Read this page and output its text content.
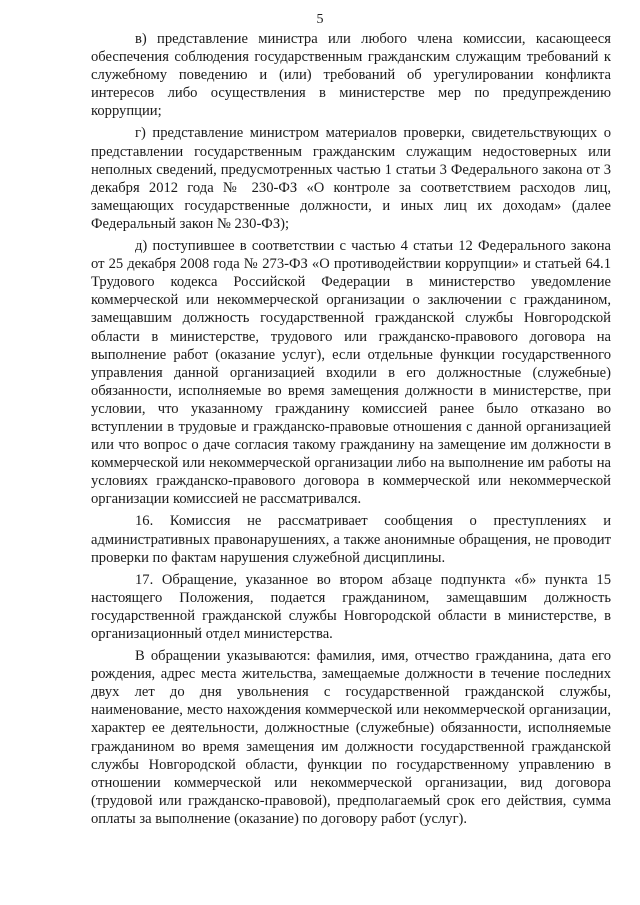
5

в) представление министра или любого члена комиссии, касающееся обеспечения соблюдения государственным гражданским служащим требований к служебному поведению и (или) требований об урегулировании конфликта интересов либо осуществления в министерстве мер по предупреждению коррупции;

г) представление министром материалов проверки, свидетельствующих о представлении государственным гражданским служащим недостоверных или неполных сведений, предусмотренных частью 1 статьи 3 Федерального закона от 3 декабря 2012 года № 230-ФЗ «О контроле за соответствием расходов лиц, замещающих государственные должности, и иных лиц их доходам» (далее Федеральный закон № 230-ФЗ);

д) поступившее в соответствии с частью 4 статьи 12 Федерального закона от 25 декабря 2008 года № 273-ФЗ «О противодействии коррупции» и статьей 64.1 Трудового кодекса Российской Федерации в министерство уведомление коммерческой или некоммерческой организации о заключении с гражданином, замещавшим должность государственной гражданской службы Новгородской области в министерстве, трудового или гражданско-правового договора на выполнение работ (оказание услуг), если отдельные функции государственного управления данной организацией входили в его должностные (служебные) обязанности, исполняемые во время замещения должности в министерстве, при условии, что указанному гражданину комиссией ранее было отказано во вступлении в трудовые и гражданско-правовые отношения с данной организацией или что вопрос о даче согласия такому гражданину на замещение им должности в коммерческой или некоммерческой организации либо на выполнение им работы на условиях гражданско-правового договора в коммерческой или некоммерческой организации комиссией не рассматривался.

16. Комиссия не рассматривает сообщения о преступлениях и административных правонарушениях, а также анонимные обращения, не проводит проверки по фактам нарушения служебной дисциплины.

17. Обращение, указанное во втором абзаце подпункта «б» пункта 15 настоящего Положения, подается гражданином, замещавшим должность государственной гражданской службы Новгородской области в министерстве, в организационный отдел министерства.

В обращении указываются: фамилия, имя, отчество гражданина, дата его рождения, адрес места жительства, замещаемые должности в течение последних двух лет до дня увольнения с государственной гражданской службы, наименование, место нахождения коммерческой или некоммерческой организации, характер ее деятельности, должностные (служебные) обязанности, исполняемые гражданином во время замещения им должности государственной гражданской службы Новгородской области, функции по государственному управлению в отношении коммерческой или некоммерческой организации, вид договора (трудовой или гражданско-правовой), предполагаемый срок его действия, сумма оплаты за выполнение (оказание) по договору работ (услуг).
